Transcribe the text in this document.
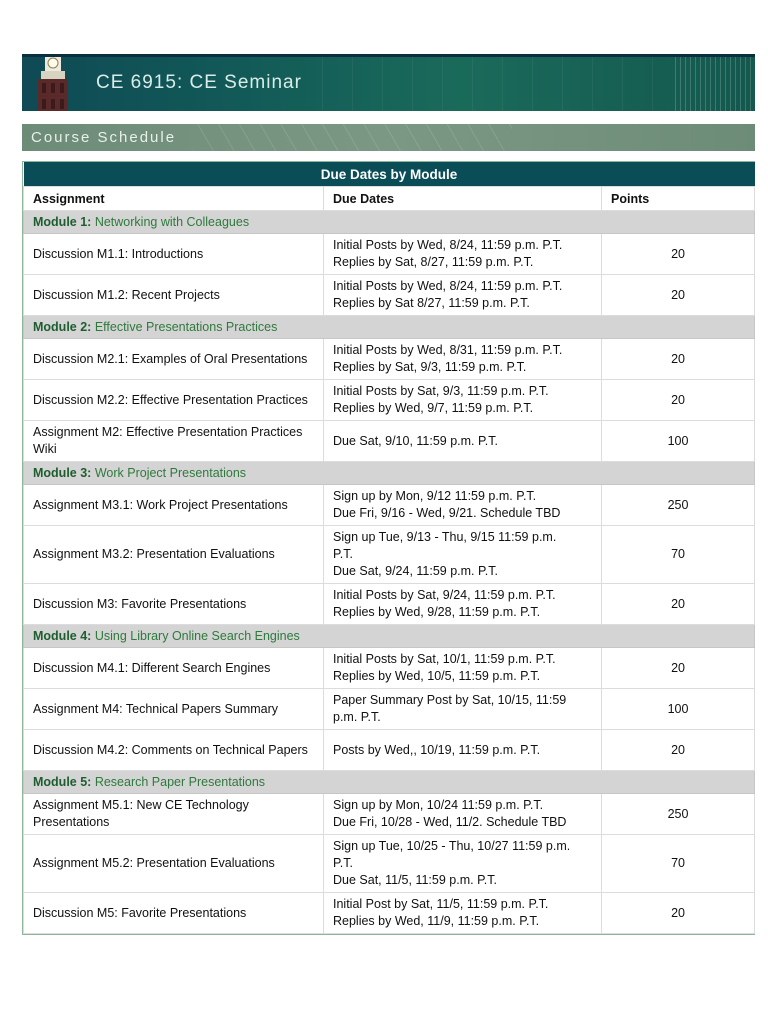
CE 6915: CE Seminar
Course Schedule
Due Dates by Module		
Assignment	Due Dates	Points
Module 1: Networking with Colleagues		
Discussion M1.1: Introductions	Initial Posts by Wed, 8/24, 11:59 p.m. P.T.
Replies by Sat, 8/27, 11:59 p.m. P.T.	20
Discussion M1.2: Recent Projects	Initial Posts by Wed, 8/24, 11:59 p.m. P.T.
Replies by Sat 8/27, 11:59 p.m. P.T.	20
Module 2: Effective Presentations Practices		
Discussion M2.1: Examples of Oral Presentations	Initial Posts by Wed, 8/31, 11:59 p.m. P.T.
Replies by Sat, 9/3, 11:59 p.m. P.T.	20
Discussion M2.2: Effective Presentation Practices	Initial Posts by Sat, 9/3, 11:59 p.m. P.T.
Replies by Wed, 9/7, 11:59 p.m. P.T.	20
Assignment M2: Effective Presentation Practices Wiki	Due Sat, 9/10, 11:59 p.m. P.T.	100
Module 3: Work Project Presentations		
Assignment M3.1: Work Project Presentations	Sign up by Mon, 9/12 11:59 p.m. P.T.
Due Fri, 9/16 - Wed, 9/21. Schedule TBD	250
Assignment M3.2: Presentation Evaluations	Sign up Tue, 9/13 - Thu, 9/15 11:59 p.m.
P.T.
Due Sat, 9/24, 11:59 p.m. P.T.	70
Discussion M3: Favorite Presentations	Initial Posts by Sat, 9/24, 11:59 p.m. P.T.
Replies by Wed, 9/28, 11:59 p.m. P.T.	20
Module 4: Using Library Online Search Engines		
Discussion M4.1: Different Search Engines	Initial Posts by Sat, 10/1, 11:59 p.m. P.T.
Replies by Wed, 10/5, 11:59 p.m. P.T.	20
Assignment M4: Technical Papers Summary	Paper Summary Post by Sat, 10/15, 11:59
p.m. P.T.	100
Discussion M4.2: Comments on Technical Papers	Posts by Wed,, 10/19, 11:59 p.m. P.T.	20
Module 5: Research Paper Presentations		
Assignment M5.1: New CE Technology Presentations	Sign up by Mon, 10/24 11:59 p.m. P.T.
Due Fri, 10/28 - Wed, 11/2. Schedule TBD	250
Assignment M5.2: Presentation Evaluations	Sign up Tue, 10/25 - Thu, 10/27 11:59 p.m.
P.T.
Due Sat, 11/5, 11:59 p.m. P.T.	70
Discussion M5: Favorite Presentations	Initial Post by Sat, 11/5, 11:59 p.m. P.T.
Replies by Wed, 11/9, 11:59 p.m. P.T.	20
